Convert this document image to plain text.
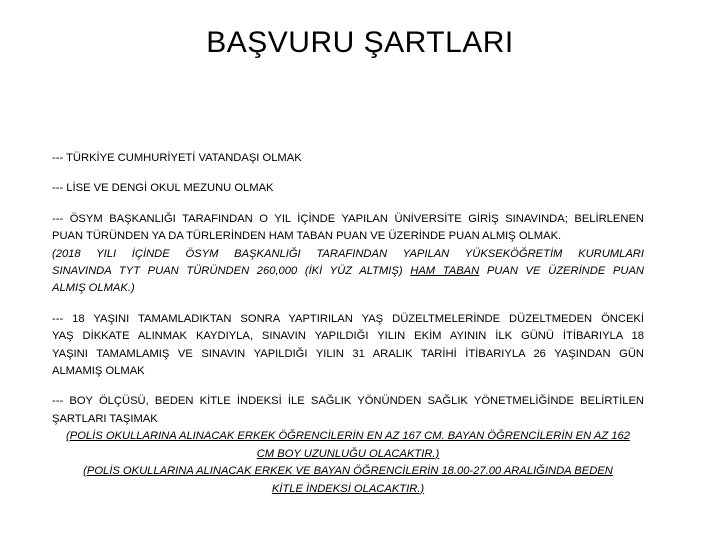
BAŞVURU ŞARTLARI
--- TÜRKİYE CUMHURİYETİ VATANDAŞI OLMAK
--- LİSE VE DENGİ OKUL MEZUNU OLMAK
--- ÖSYM BAŞKANLIĞI TARAFINDAN O YIL İÇİNDE YAPILAN ÜNİVERSİTE GİRİŞ SINAVINDA; BELİRLENEN
PUAN TÜRÜNDEN YA DA TÜRLERİNDEN HAM TABAN PUAN VE ÜZERİNDE PUAN ALMIŞ OLMAK.
(2018 YILI İÇİNDE ÖSYM BAŞKANLIĞI TARAFINDAN YAPILAN YÜKSEKÖĞRETİM KURUMLARI
SINAVINDA TYT PUAN TÜRÜNDEN 260,000 (İKİ YÜZ ALTMIŞ) HAM TABAN PUAN VE ÜZERİNDE PUAN
ALMIŞ OLMAK.)
--- 18 YAŞINI TAMAMLADIKTAN SONRA YAPTIRILAN YAŞ DÜZELTMELERİNDE DÜZELTMEDEN ÖNCEKİ
YAŞ DİKKATE ALINMAK KAYDIYLA, SINAVIN YAPILDIĞI YILIN EKİM AYININ İLK GÜNÜ İTİBARIYLA 18
YAŞINI TAMAMLAMIŞ VE SINAVIN YAPILDIĞI YILIN 31 ARALIK TARİHİ İTİBARIYLA 26 YAŞINDAN GÜN
ALMAMIŞ OLMAK
--- BOY ÖLÇÜSÜ, BEDEN KİTLE İNDEKSİ İLE SAĞLIK YÖNÜNDEN SAĞLIK YÖNETMELİĞİNDE BELİRTİLEN
ŞARTLARI TAŞIMAK
(POLİS OKULLARINA ALINACAK ERKEK ÖĞRENCİLERİN EN AZ 167 CM. BAYAN ÖĞRENCİLERİN EN AZ 162
CM BOY UZUNLUĞU OLACAKTIR.)
(POLİS OKULLARINA ALINACAK ERKEK VE BAYAN ÖĞRENCİLERİN 18.00-27.00 ARALIĞINDA BEDEN
KİTLE İNDEKSİ OLACAKTIR.)
